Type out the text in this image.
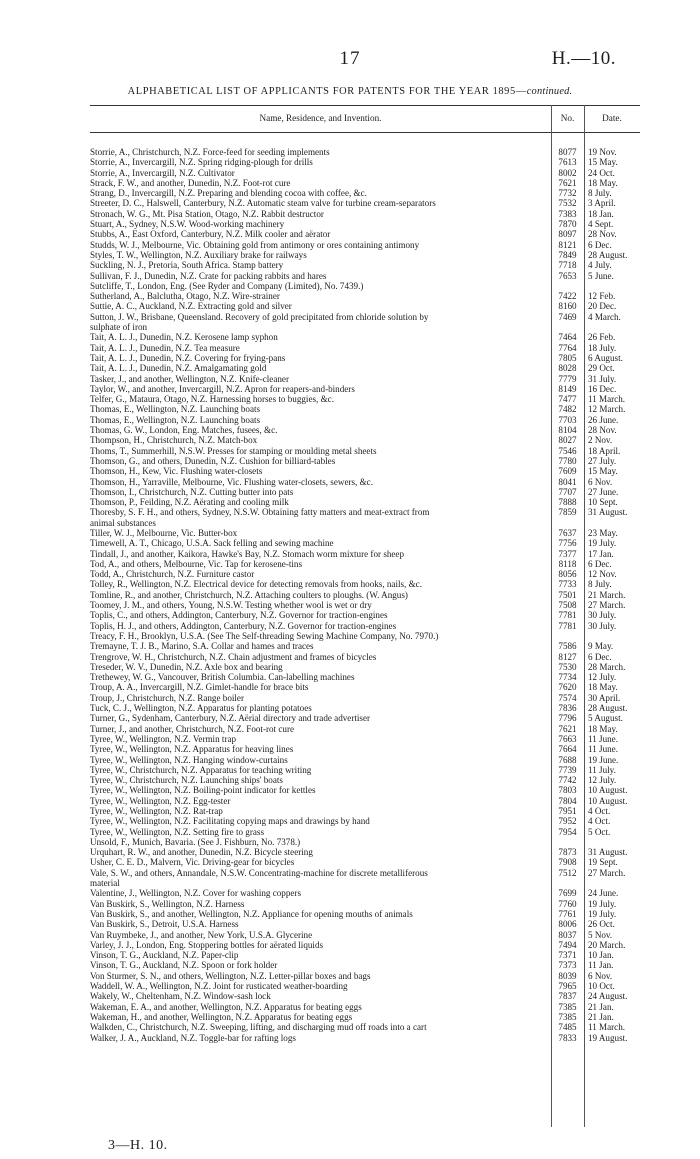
17	H.—10.
ALPHABETICAL LIST OF APPLICANTS FOR PATENTS FOR THE YEAR 1895—continued.
Name, Residence, and Invention.	No.	Date.
Storrie, A., Christchurch, N.Z. Force-feed for seeding implements	8077	19 Nov.
Storrie, A., Invercargill, N.Z. Spring ridging-plough for drills	7613	15 May.
Storrie, A., Invercargill, N.Z. Cultivator	8002	24 Oct.
Strack, F. W., and another, Dunedin, N.Z. Foot-rot cure	7621	18 May.
Strang, D., Invercargill, N.Z. Preparing and blending cocoa with coffee, &c.	7732	8 July.
Streeter, D. C., Halswell, Canterbury, N.Z. Automatic steam valve for turbine cream-separators	7532	3 April.
Stronach, W. G., Mt. Pisa Station, Otago, N.Z. Rabbit destructor	7383	18 Jan.
Stuart, A., Sydney, N.S.W. Wood-working machinery	7870	4 Sept.
Stubbs, A., East Oxford, Canterbury, N.Z. Milk cooler and aërator	8097	28 Nov.
Studds, W. J., Melbourne, Vic. Obtaining gold from antimony or ores containing antimony	8121	6 Dec.
Styles, T. W., Wellington, N.Z. Auxiliary brake for railways	7849	28 August.
Suckling, N. J., Pretoria, South Africa. Stamp battery	7718	4 July.
Sullivan, F. J., Dunedin, N.Z. Crate for packing rabbits and hares	7653	5 June.
Sutcliffe, T., London, Eng. (See Ryder and Company (Limited), No. 7439.)
Sutherland, A., Balclutha, Otago, N.Z. Wire-strainer	7422	12 Feb.
Suttie, A. C., Auckland, N.Z. Extracting gold and silver	8160	20 Dec.
Sutton, J. W., Brisbane, Queensland. Recovery of gold precipitated from chloride solution by	7469	4 March.
sulphate of iron
Tait, A. L. J., Dunedin, N.Z. Kerosene lamp syphon	7464	26 Feb.
Tait, A. L. J., Dunedin, N.Z. Tea measure	7764	18 July.
Tait, A. L. J., Dunedin, N.Z. Covering for frying-pans	7805	6 August.
Tait, A. L. J., Dunedin, N.Z. Amalgamating gold	8028	29 Oct.
Tasker, J., and another, Wellington, N.Z. Knife-cleaner	7779	31 July.
Taylor, W., and another, Invercargill, N.Z. Apron for reapers-and-binders	8149	16 Dec.
Telfer, G., Mataura, Otago, N.Z. Harnessing horses to buggies, &c.	7477	11 March.
Thomas, E., Wellington, N.Z. Launching boats	7482	12 March.
Thomas, E., Wellington, N.Z. Launching boats	7703	26 June.
Thomas, G. W., London, Eng. Matches, fusees, &c.	8104	28 Nov.
Thompson, H., Christchurch, N.Z. Match-box	8027	2 Nov.
Thoms, T., Summerhill, N.S.W. Presses for stamping or moulding metal sheets	7546	18 April.
Thomson, G., and others, Dunedin, N.Z. Cushion for billiard-tables	7780	27 July.
Thomson, H., Kew, Vic. Flushing water-closets	7609	15 May.
Thomson, H., Yarraville, Melbourne, Vic. Flushing water-closets, sewers, &c.	8041	6 Nov.
Thomson, I., Christchurch, N.Z. Cutting butter into pats	7707	27 June.
Thomson, P., Feilding, N.Z. Aërating and cooling milk	7888	10 Sept.
Thoresby, S. F. H., and others, Sydney, N.S.W. Obtaining fatty matters and meat-extract from	7859	31 August.
animal substances
Tiller, W. J., Melbourne, Vic. Butter-box	7637	23 May.
Timewell, A. T., Chicago, U.S.A. Sack felling and sewing machine	7756	19 July.
Tindall, J., and another, Kaikora, Hawke's Bay, N.Z. Stomach worm mixture for sheep	7377	17 Jan.
Tod, A., and others, Melbourne, Vic. Tap for kerosene-tins	8118	6 Dec.
Todd, A., Christchurch, N.Z. Furniture castor	8056	12 Nov.
Tolley, R., Wellington, N.Z. Electrical device for detecting removals from hooks, nails, &c.	7733	8 July.
Tomline, R., and another, Christchurch, N.Z. Attaching coulters to ploughs. (W. Angus)	7501	21 March.
Toomey, J. M., and others, Young, N.S.W. Testing whether wool is wet or dry	7508	27 March.
Toplis, C., and others, Addington, Canterbury, N.Z. Governor for traction-engines	7781	30 July.
Toplis, H. J., and others, Addington, Canterbury, N.Z. Governor for traction-engines	7781	30 July.
Treacy, F. H., Brooklyn, U.S.A. (See The Self-threading Sewing Machine Company, No. 7970.)
Tremayne, T. J. B., Marino, S.A. Collar and hames and traces	7586	9 May.
Trengrove, W. H., Christchurch, N.Z. Chain adjustment and frames of bicycles	8127	6 Dec.
Treseder, W. V., Dunedin, N.Z. Axle box and bearing	7530	28 March.
Trethewey, W. G., Vancouver, British Columbia. Can-labelling machines	7734	12 July.
Troup, A. A., Invercargill, N.Z. Gimlet-handle for brace bits	7620	18 May.
Troup, J., Christchurch, N.Z. Range boiler	7574	30 April.
Tuck, C. J., Wellington, N.Z. Apparatus for planting potatoes	7836	28 August.
Turner, G., Sydenham, Canterbury, N.Z. Aërial directory and trade advertiser	7796	5 August.
Turner, J., and another, Christchurch, N.Z. Foot-rot cure	7621	18 May.
Tyree, W., Wellington, N.Z. Vermin trap	7663	11 June.
Tyree, W., Wellington, N.Z. Apparatus for heaving lines	7664	11 June.
Tyree, W., Wellington, N.Z. Hanging window-curtains	7688	19 June.
Tyree, W., Christchurch, N.Z. Apparatus for teaching writing	7739	11 July.
Tyree, W., Christchurch, N.Z. Launching ships' boats	7742	12 July.
Tyree, W., Wellington, N.Z. Boiling-point indicator for kettles	7803	10 August.
Tyree, W., Wellington, N.Z. Egg-tester	7804	10 August.
Tyree, W., Wellington, N.Z. Rat-trap	7951	4 Oct.
Tyree, W., Wellington, N.Z. Facilitating copying maps and drawings by hand	7952	4 Oct.
Tyree, W., Wellington, N.Z. Setting fire to grass	7954	5 Oct.
Unsold, F., Munich, Bavaria. (See J. Fishburn, No. 7378.)
Urquhart, R. W., and another, Dunedin, N.Z. Bicycle steering	7873	31 August.
Usher, C. E. D., Malvern, Vic. Driving-gear for bicycles	7908	19 Sept.
Vale, S. W., and others, Annandale, N.S.W. Concentrating-machine for discrete metalliferous	7512	27 March.
material
Valentine, J., Wellington, N.Z. Cover for washing coppers	7699	24 June.
Van Buskirk, S., Wellington, N.Z. Harness	7760	19 July.
Van Buskirk, S., and another, Wellington, N.Z. Appliance for opening mouths of animals	7761	19 July.
Van Buskirk, S., Detroit, U.S.A. Harness	8006	26 Oct.
Van Ruymbeke, J., and another, New York, U.S.A. Glycerine	8037	5 Nov.
Varley, J. J., London, Eng. Stoppering bottles for aërated liquids	7494	20 March.
Vinson, T. G., Auckland, N.Z. Paper-clip	7371	10 Jan.
Vinson, T. G., Auckland, N.Z. Spoon or fork holder	7373	11 Jan.
Von Sturmer, S. N., and others, Wellington, N.Z. Letter-pillar boxes and bags	8039	6 Nov.
Waddell, W. A., Wellington, N.Z. Joint for rusticated weather-boarding	7965	10 Oct.
Wakely, W., Cheltenham, N.Z. Window-sash lock	7837	24 August.
Wakeman, E. A., and another, Wellington, N.Z. Apparatus for beating eggs	7385	21 Jan.
Wakeman, H., and another, Wellington, N.Z. Apparatus for beating eggs	7385	21 Jan.
Walkden, C., Christchurch, N.Z. Sweeping, lifting, and discharging mud off roads into a cart	7485	11 March.
Walker, J. A., Auckland, N.Z. Toggle-bar for rafting logs	7833	19 August.
3—H. 10.
